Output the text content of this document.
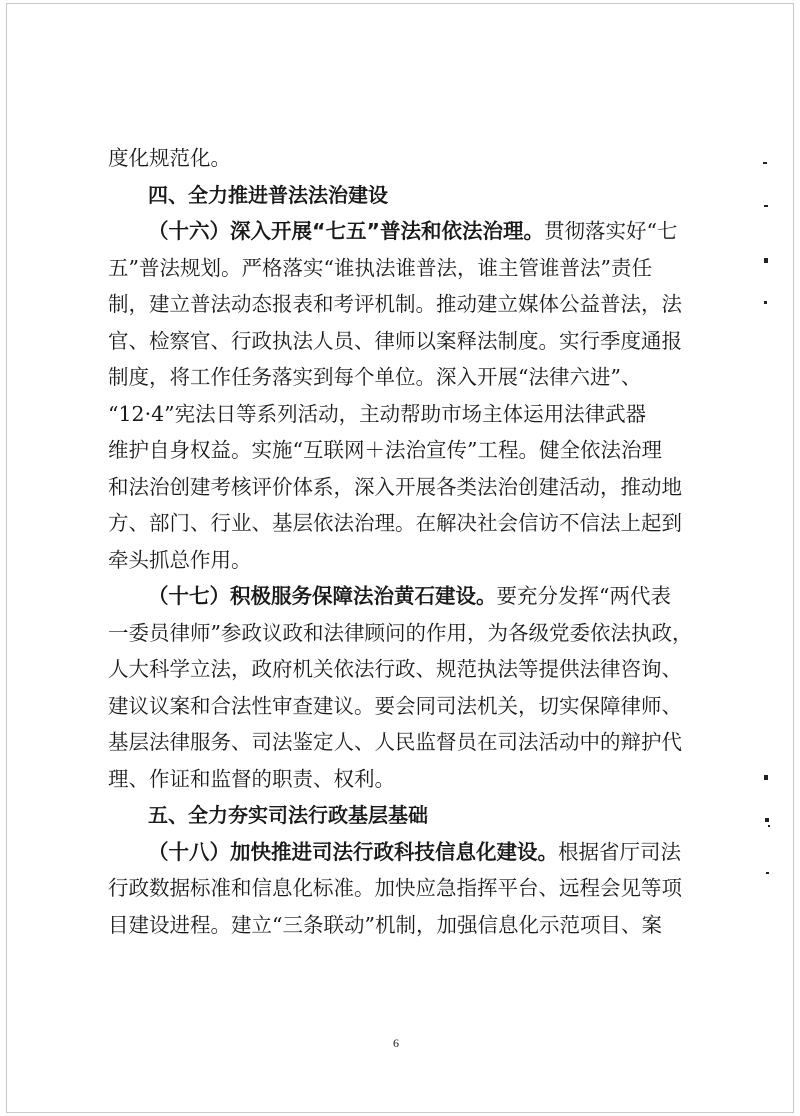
度化规范化。
四、全力推进普法法治建设
（十六）深入开展“七五”普法和依法治理。贯彻落实好“七
五”普法规划。严格落实“谁执法谁普法，谁主管谁普法”责任
制，建立普法动态报表和考评机制。推动建立媒体公益普法，法
官、检察官、行政执法人员、律师以案释法制度。实行季度通报
制度，将工作任务落实到每个单位。深入开展“法律六进”、
“12·4”宪法日等系列活动，主动帮助市场主体运用法律武器
维护自身权益。实施“互联网＋法治宣传”工程。健全依法治理
和法治创建考核评价体系，深入开展各类法治创建活动，推动地
方、部门、行业、基层依法治理。在解决社会信访不信法上起到
牵头抓总作用。
（十七）积极服务保障法治黄石建设。要充分发挥“两代表
一委员律师”参政议政和法律顾问的作用，为各级党委依法执政，
人大科学立法，政府机关依法行政、规范执法等提供法律咨询、
建议议案和合法性审查建议。要会同司法机关，切实保障律师、
基层法律服务、司法鉴定人、人民监督员在司法活动中的辩护代
理、作证和监督的职责、权利。
五、全力夯实司法行政基层基础
（十八）加快推进司法行政科技信息化建设。根据省厅司法
行政数据标准和信息化标准。加快应急指挥平台、远程会见等项
目建设进程。建立“三条联动”机制，加强信息化示范项目、案
6
